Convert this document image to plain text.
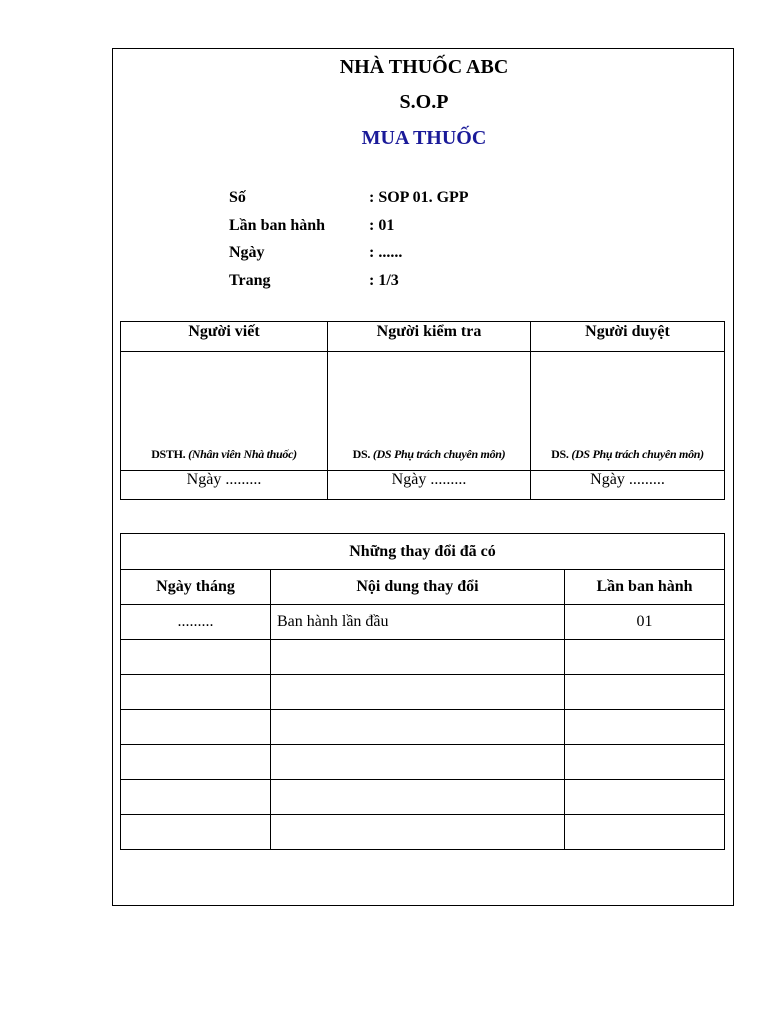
NHÀ THUỐC ABC
S.O.P
MUA THUỐC
Số	: SOP 01. GPP
Lần ban hành	: 01
Ngày	: ......
Trang	: 1/3
Người viết	Người kiểm tra	Người duyệt
DSTH. (Nhân viên Nhà thuốc)	DS. (DS Phụ trách chuyên môn)	DS. (DS Phụ trách chuyên môn)
Ngày .........	Ngày .........	Ngày .........
Những thay đổi đã có		
Ngày tháng	Nội dung thay đổi	Lần ban hành
.........	Ban hành lần đầu	01
